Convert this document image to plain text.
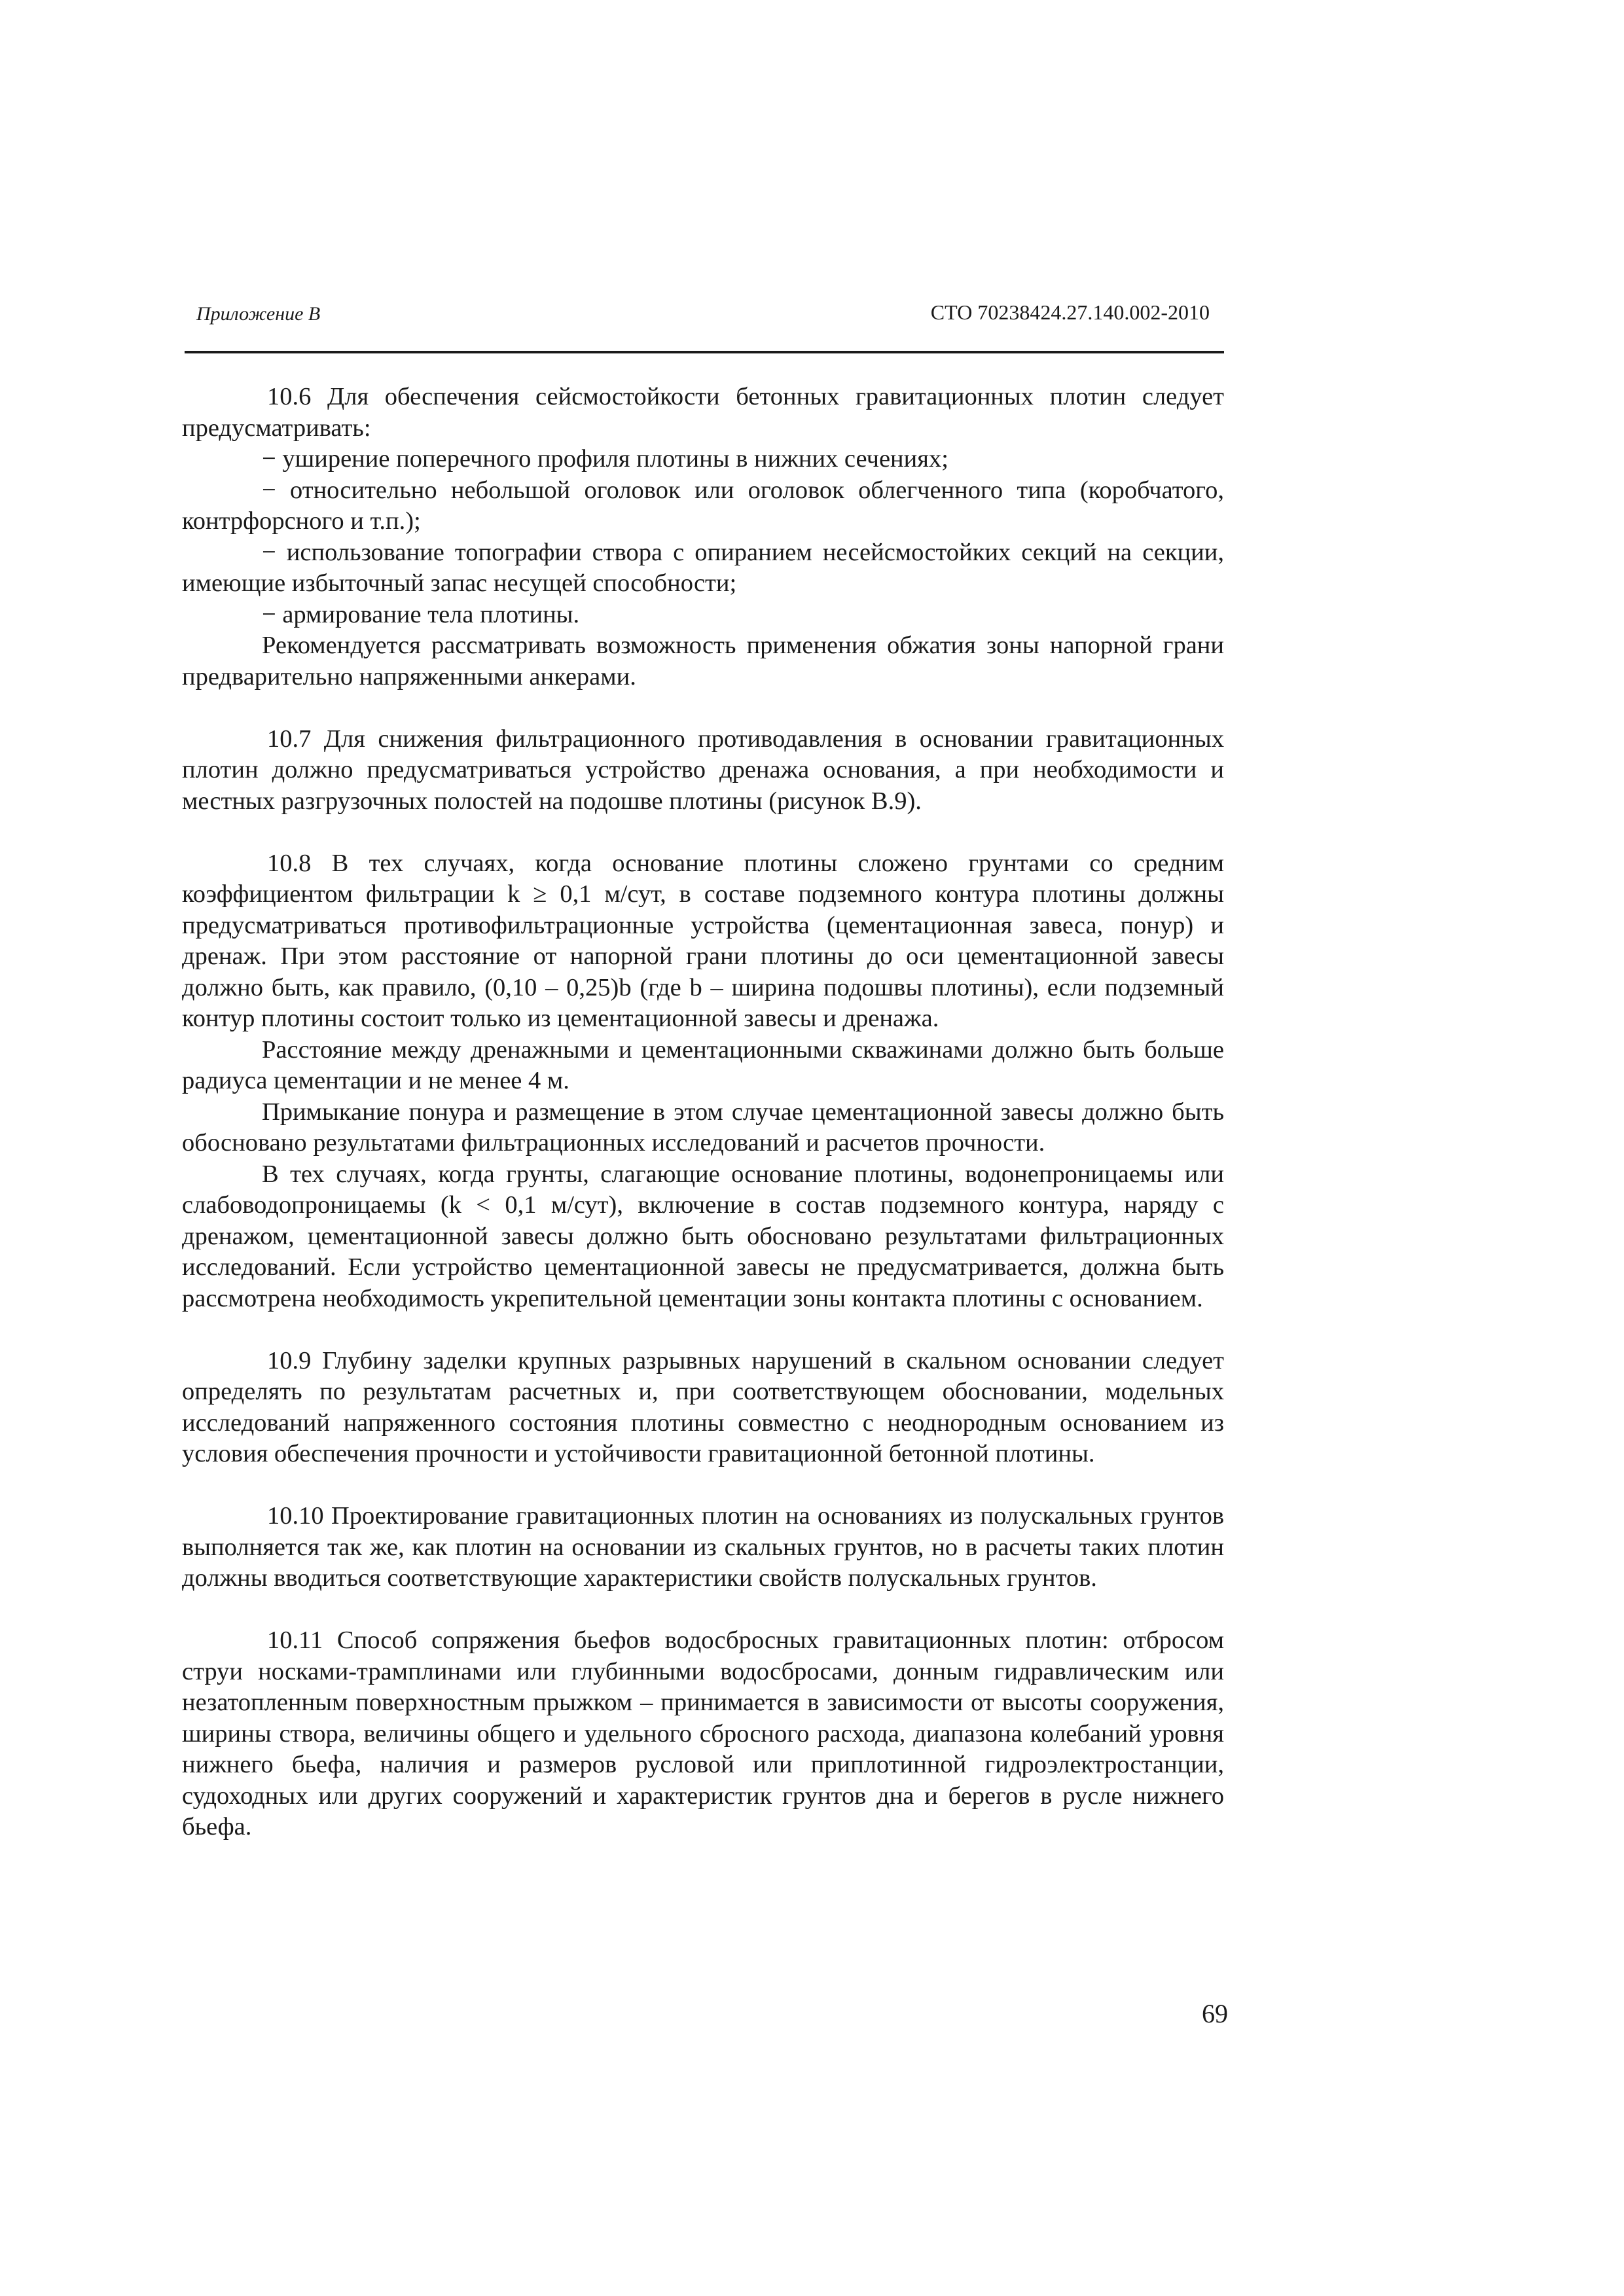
Приложение В	СТО 70238424.27.140.002-2010

10.6 Для обеспечения сейсмостойкости бетонных гравитационных плотин следует предусматривать:

− уширение поперечного профиля плотины в нижних сечениях;

− относительно небольшой оголовок или оголовок облегченного типа (коробчатого, контрфорсного и т.п.);

− использование топографии створа с опиранием несейсмостойких секций на секции, имеющие избыточный запас несущей способности;

− армирование тела плотины.

Рекомендуется рассматривать возможность применения обжатия зоны напорной грани предварительно напряженными анкерами.

10.7 Для снижения фильтрационного противодавления в основании гравитационных плотин должно предусматриваться устройство дренажа основания, а при необходимости и местных разгрузочных полостей на подошве плотины (рисунок В.9).

10.8 В тех случаях, когда основание плотины сложено грунтами со средним коэффициентом фильтрации k ≥ 0,1 м/сут, в составе подземного контура плотины должны предусматриваться противофильтрационные устройства (цементационная завеса, понур) и дренаж. При этом расстояние от напорной грани плотины до оси цементационной завесы должно быть, как правило, (0,10 – 0,25)b (где b – ширина подошвы плотины), если подземный контур плотины состоит только из цементационной завесы и дренажа.

Расстояние между дренажными и цементационными скважинами должно быть больше радиуса цементации и не менее 4 м.

Примыкание понура и размещение в этом случае цементационной завесы должно быть обосновано результатами фильтрационных исследований и расчетов прочности.

В тех случаях, когда грунты, слагающие основание плотины, водонепроницаемы или слабоводопроницаемы (k < 0,1 м/сут), включение в состав подземного контура, наряду с дренажом, цементационной завесы должно быть обосновано результатами фильтрационных исследований. Если устройство цементационной завесы не предусматривается, должна быть рассмотрена необходимость укрепительной цементации зоны контакта плотины с основанием.

10.9 Глубину заделки крупных разрывных нарушений в скальном основании следует определять по результатам расчетных и, при соответствующем обосновании, модельных исследований напряженного состояния плотины совместно с неоднородным основанием из условия обеспечения прочности и устойчивости гравитационной бетонной плотины.

10.10 Проектирование гравитационных плотин на основаниях из полускальных грунтов выполняется так же, как плотин на основании из скальных грунтов, но в расчеты таких плотин должны вводиться соответствующие характеристики свойств полускальных грунтов.

10.11 Способ сопряжения бьефов водосбросных гравитационных плотин: отбросом струи носками-трамплинами или глубинными водосбросами, донным гидравлическим или незатопленным поверхностным прыжком – принимается в зависимости от высоты сооружения, ширины створа, величины общего и удельного сбросного расхода, диапазона колебаний уровня нижнего бьефа, наличия и размеров русловой или приплотинной гидроэлектростанции, судоходных или других сооружений и характеристик грунтов дна и берегов в русле нижнего бьефа.

69
